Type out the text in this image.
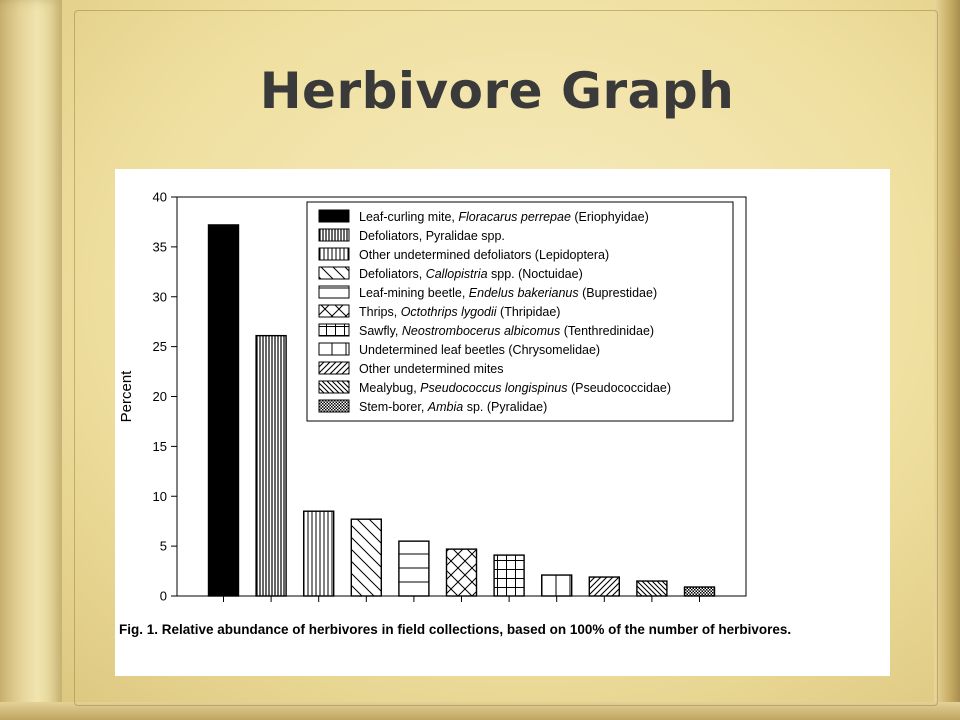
Herbivore Graph
0
5
10
15
20
25
30
35
40
Percent
Leaf-curling mite, Floracarus perrepae (Eriophyidae)
Defoliators, Pyralidae spp.
Other undetermined defoliators (Lepidoptera)
Defoliators, Callopistria spp. (Noctuidae)
Leaf-mining beetle, Endelus bakerianus (Buprestidae)
Thrips, Octothrips lygodii (Thripidae)
Sawfly, Neostrombocerus albicomus (Tenthredinidae)
Undetermined leaf beetles (Chrysomelidae)
Other undetermined mites
Mealybug, Pseudococcus longispinus (Pseudococcidae)
Stem-borer, Ambia sp. (Pyralidae)
Fig. 1. Relative abundance of herbivores in field collections, based on 100% of the number of herbivores.
